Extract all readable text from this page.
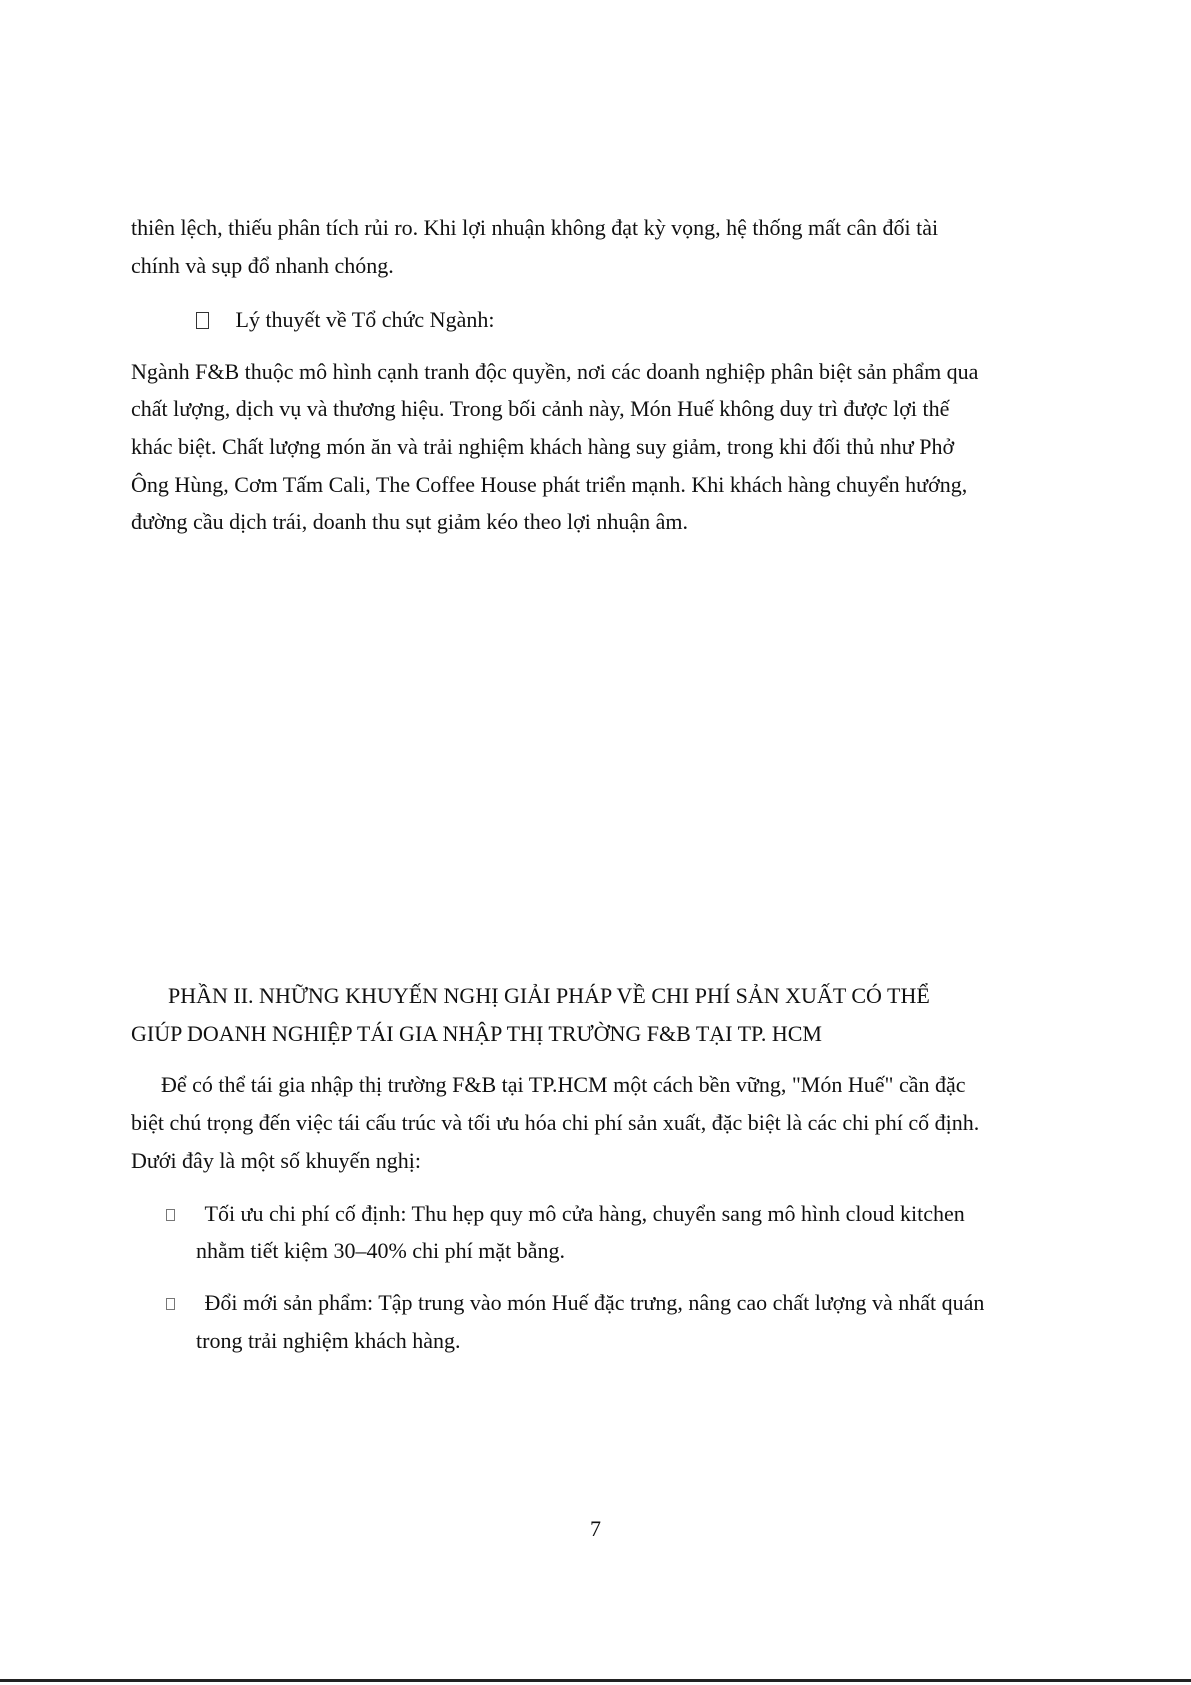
thiên lệch, thiếu phân tích rủi ro. Khi lợi nhuận không đạt kỳ vọng, hệ thống mất cân đối tài
chính và sụp đổ nhanh chóng.
Lý thuyết về Tổ chức Ngành:
Ngành F&B thuộc mô hình cạnh tranh độc quyền, nơi các doanh nghiệp phân biệt sản phẩm qua
chất lượng, dịch vụ và thương hiệu. Trong bối cảnh này, Món Huế không duy trì được lợi thế
khác biệt. Chất lượng món ăn và trải nghiệm khách hàng suy giảm, trong khi đối thủ như Phở
Ông Hùng, Cơm Tấm Cali, The Coffee House phát triển mạnh. Khi khách hàng chuyển hướng,
đường cầu dịch trái, doanh thu sụt giảm kéo theo lợi nhuận âm.
PHẦN II. NHỮNG KHUYẾN NGHỊ GIẢI PHÁP VỀ CHI PHÍ SẢN XUẤT CÓ THỂ
GIÚP DOANH NGHIỆP TÁI GIA NHẬP THỊ TRƯỜNG F&B TẠI TP. HCM
Để có thể tái gia nhập thị trường F&B tại TP.HCM một cách bền vững, "Món Huế" cần đặc
biệt chú trọng đến việc tái cấu trúc và tối ưu hóa chi phí sản xuất, đặc biệt là các chi phí cố định.
Dưới đây là một số khuyến nghị:
Tối ưu chi phí cố định: Thu hẹp quy mô cửa hàng, chuyển sang mô hình cloud kitchen
nhằm tiết kiệm 30–40% chi phí mặt bằng.
Đổi mới sản phẩm: Tập trung vào món Huế đặc trưng, nâng cao chất lượng và nhất quán
trong trải nghiệm khách hàng.
7
